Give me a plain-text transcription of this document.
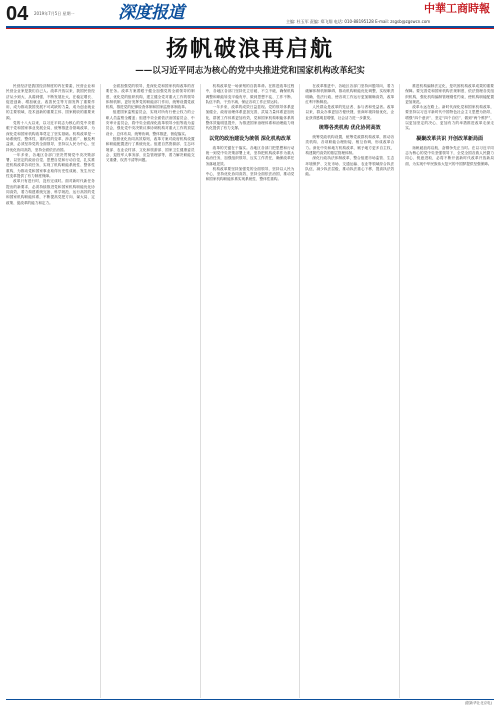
04 2019年7月5日 星期一	深度报道	中華工商時報
主编: 杜玉军 责编: 郑飞翔 电话: 010-88195128 E-mail: zsgsb@zgswcn.com
扬帆破浪再启航
——以习近平同志为核心的党中央推进党和国家机构改革纪实

民营经济是我国经济制度的内在要素，民营企业和民营企业家是我们自己人。改革开放以来，我国民营经济从小到大、从弱到强，不断发展壮大，在稳定增长、促进创新、增加就业、改善民生等方面发挥了重要作用，成为推动我国发展不可或缺的力量，成为创业就业的主要领域、技术创新的重要主体、国家税收的重要来源。

党的十八大以来，以习近平同志为核心的党中央着眼于党和国家事业发展全局，统筹推进各领域改革，为深化党和国家机构改革奠定了坚实基础。机构改革是一场系统性、整体性、重构性的变革，涉及面广、触及利益深，必须坚持党的全面领导，坚持以人民为中心，坚持优化协同高效，坚持全面依法治国。

一年多来，各地区各部门坚决贯彻党中央决策部署，以坚定的政治自觉、思想自觉和行动自觉，扎实推进机构改革各项任务，实现了机构职能系统性、整体性重构，为推动党和国家事业取得历史性成就、发生历史性变革提供了有力制度保障。

改革只有进行时，没有完成时。面对新时代新任务提出的新要求，必须持续推进党和国家机构职能优化协同高效，着力构建系统完备、科学规范、运行高效的党和国家机构职能体系，不断提高党把方向、谋大局、定政策、促改革的能力和定力。

全面加强党的领导，是深化党和国家机构改革的首要任务。改革方案着眼于健全加强党的全面领导的制度，优化党的组织机构，建立健全党对重大工作的领导体制机制，更好发挥党的职能部门作用，统筹设置党政机构，推进党的纪律检查体制和国家监察体制改革。

组建国家监察委员会，实现对所有行使公权力的公职人员监察全覆盖；组建中央全面依法治国委员会、中央审计委员会，将中央全面深化改革领导小组等改为委员会，强化党中央决策议事协调机构对重大工作的顶层设计、总体布局、统筹协调、整体推进、督促落实。

按照优化协同高效原则，改革方案对政府机构设置和职能配置进行了系统优化。组建自然资源部、生态环境部、农业农村部、文化和旅游部、国家卫生健康委员会、退役军人事务部、应急管理部等，着力解决职能交叉重叠、权责不清等问题。

机构改革是一场深刻的自我革命。在推进改革过程中，各地区各部门坚持先立后破、不立不破，确保机构调整和职能转变平稳有序，做到思想不乱、工作不断、队伍不散、干劲不减，保证各项工作正常运转。

一年多来，改革的成效日益显现。党的领导体系更加健全，政府治理体系更加完善，武装力量体系更加优化，群团工作体系更加有效，党和国家机构职能体系的整体效能明显提升，为推进国家治理体系和治理能力现代化提供了有力支撑。

以党的政治建设为统领 深化机构改革

改革的关键在于落实。各地区各部门把思想和行动统一到党中央决策部署上来，坚持把机构改革作为重大政治任务，加强组织领导，压实工作责任，确保改革任务落地见效。

机构改革要坚持加强党的全面领导，坚持以人民为中心，坚持优化协同高效，坚持全面依法治国，推动党和国家机构职能体系实现系统性、整体性重构。

在改革推进中，各地区各部门坚持问题导向，着力破解体制机制障碍，推动机构职能优化调整，实现职责明确、依法行政，使各项工作运行更加顺畅高效，改革红利不断释放。

人民群众是改革的见证者、参与者和受益者。改革以来，群众办事更加方便快捷，营商环境持续优化，企业获得感明显增强，社会活力进一步激发。

统筹各类机构 优化协同高效

统筹党政机构设置，统筹党政群机构改革，推动各类机构、各项职能合理衔接、相互协调，形成改革合力。深化中央和地方机构改革，赋予地方更多自主权，构建简约高效的基层管理体制。

深化行政执法体制改革，整合组建市场监管、生态环境保护、文化市场、交通运输、农业等领域综合执法队伍，减少执法层级，推动执法重心下移，提高执法效能。

推进机构编制法定化，是巩固机构改革成果的重要保障。要完善党和国家机构法规制度，依法管理各类组织机构，强化机构编制管理刚性约束，使机构职能配置更加规范。

改革永远在路上。新时代深化党和国家机构改革，要坚持以习近平新时代中国特色社会主义思想为指导，增强“四个意识”、坚定“四个自信”、做到“两个维护”，以更加坚定的决心、更加有力的举措推进改革走深走实。

凝聚改革共识 开创改革新局面

扬帆破浪再启航，奋楫争先正当时。在以习近平同志为核心的党中央坚强领导下，全党全国各族人民勠力同心、锐意进取，必将不断开创新时代改革开放新局面，为实现中华民族伟大复兴的中国梦提供坚强保障。

(据新华社北京电)
